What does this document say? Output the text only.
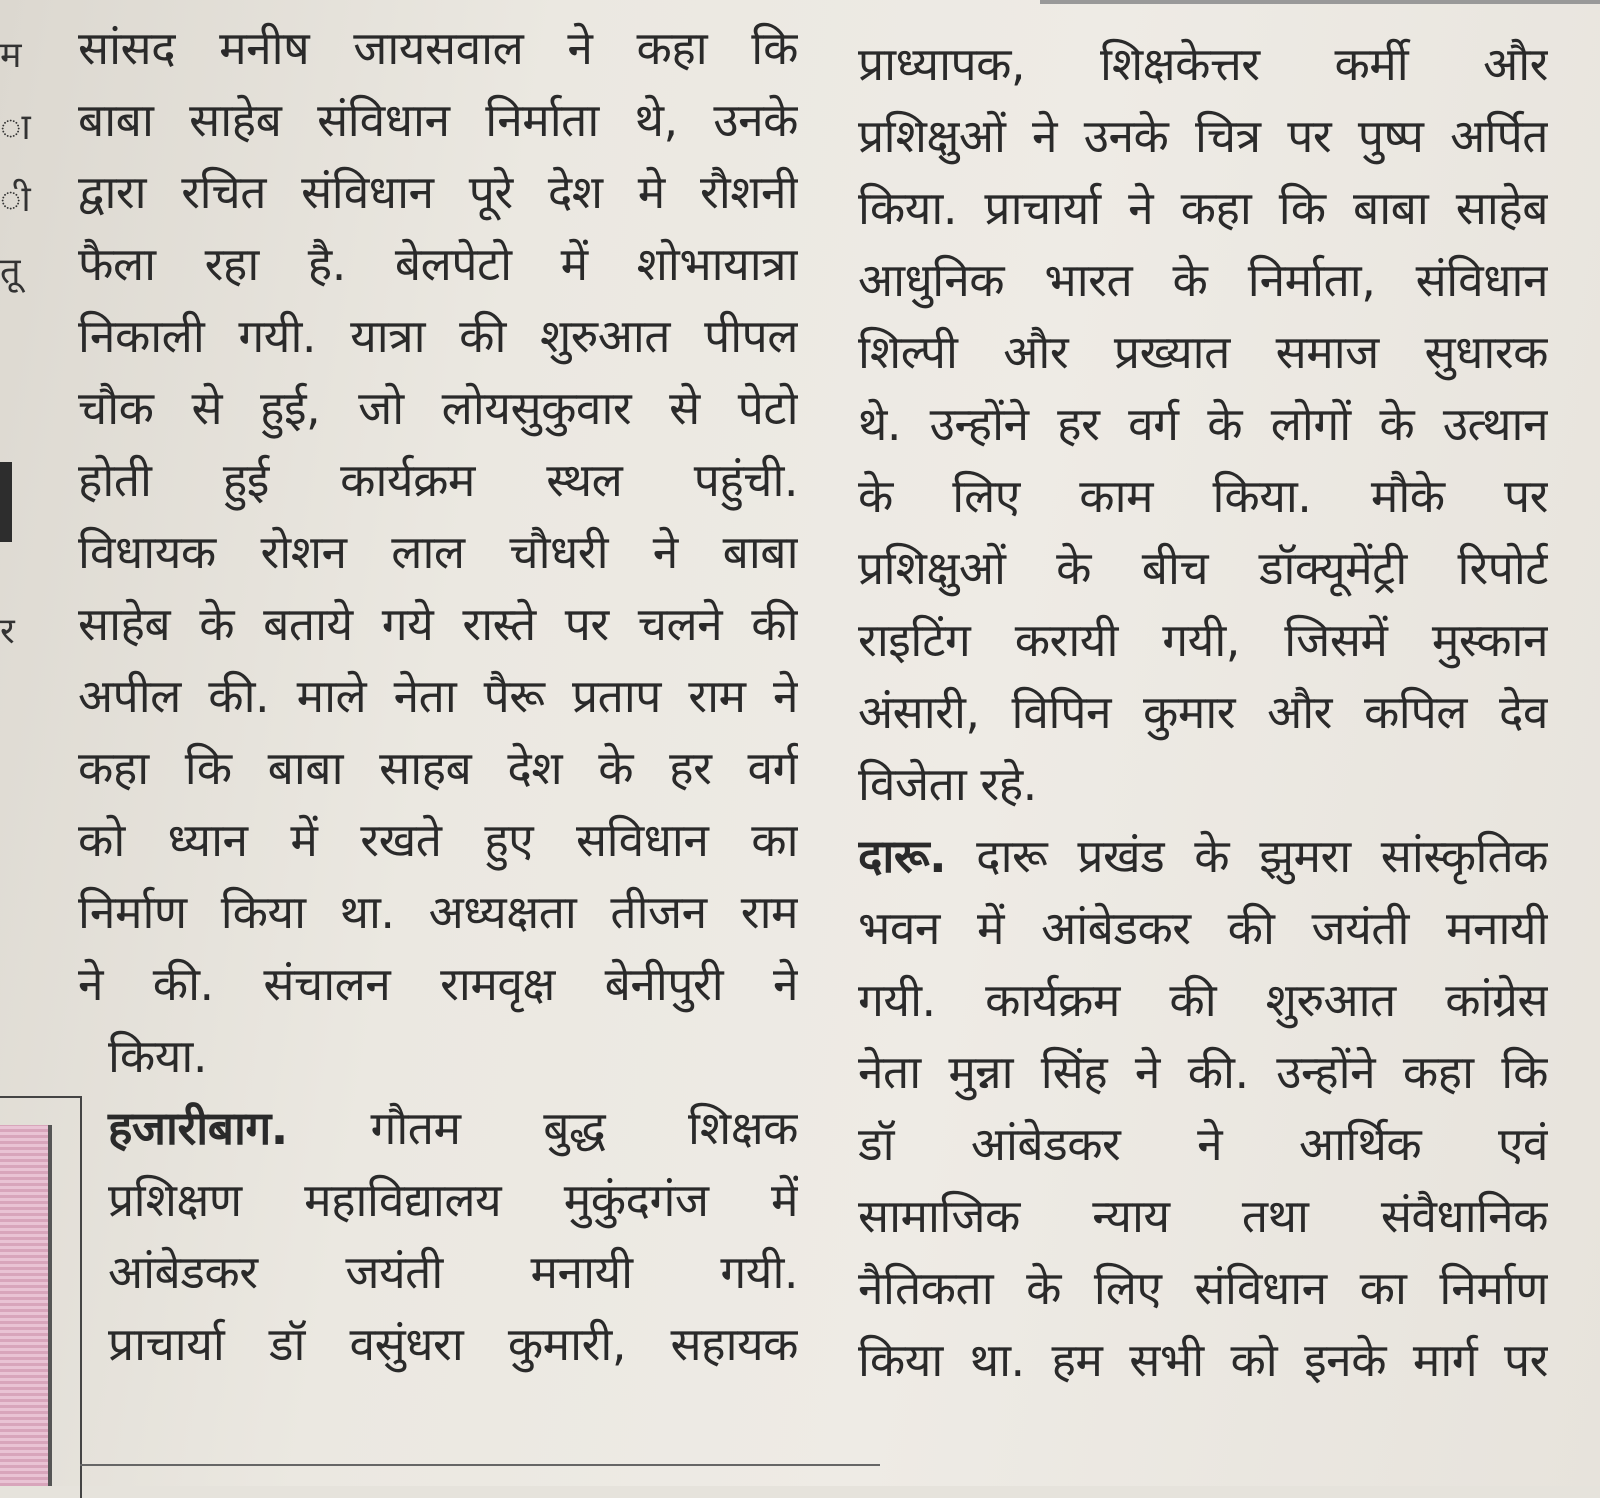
म
ा
ी
तू
र
सांसद मनीष जायसवाल ने कहा कि
बाबा साहेब संविधान निर्माता थे, उनके
द्वारा रचित संविधान पूरे देश मे रौशनी
फैला रहा है. बेलपेटो में शोभायात्रा
निकाली गयी. यात्रा की शुरुआत पीपल
चौक से हुई, जो लोयसुकुवार से पेटो
होती हुई कार्यक्रम स्थल पहुंची.
विधायक रोशन लाल चौधरी ने बाबा
साहेब के बताये गये रास्ते पर चलने की
अपील की. माले नेता पैरू प्रताप राम ने
कहा कि बाबा साहब देश के हर वर्ग
को ध्यान में रखते हुए सविधान का
निर्माण किया था. अध्यक्षता तीजन राम
ने की. संचालन रामवृक्ष बेनीपुरी ने
किया.
हजारीबाग. गौतम बुद्ध शिक्षक
प्रशिक्षण महाविद्यालय मुकुंदगंज में
आंबेडकर जयंती मनायी गयी.
प्राचार्या डॉ वसुंधरा कुमारी, सहायक
प्राध्यापक, शिक्षकेत्तर कर्मी और
प्रशिक्षुओं ने उनके चित्र पर पुष्प अर्पित
किया. प्राचार्या ने कहा कि बाबा साहेब
आधुनिक भारत के निर्माता, संविधान
शिल्पी और प्रख्यात समाज सुधारक
थे. उन्होंने हर वर्ग के लोगों के उत्थान
के लिए काम किया. मौके पर
प्रशिक्षुओं के बीच डॉक्यूमेंट्री रिपोर्ट
राइटिंग करायी गयी, जिसमें मुस्कान
अंसारी, विपिन कुमार और कपिल देव
विजेता रहे.
दारू. दारू प्रखंड के झुमरा सांस्कृतिक
भवन में आंबेडकर की जयंती मनायी
गयी. कार्यक्रम की शुरुआत कांग्रेस
नेता मुन्ना सिंह ने की. उन्होंने कहा कि
डॉ आंबेडकर ने आर्थिक एवं
सामाजिक न्याय तथा संवैधानिक
नैतिकता के लिए संविधान का निर्माण
किया था. हम सभी को इनके मार्ग पर
